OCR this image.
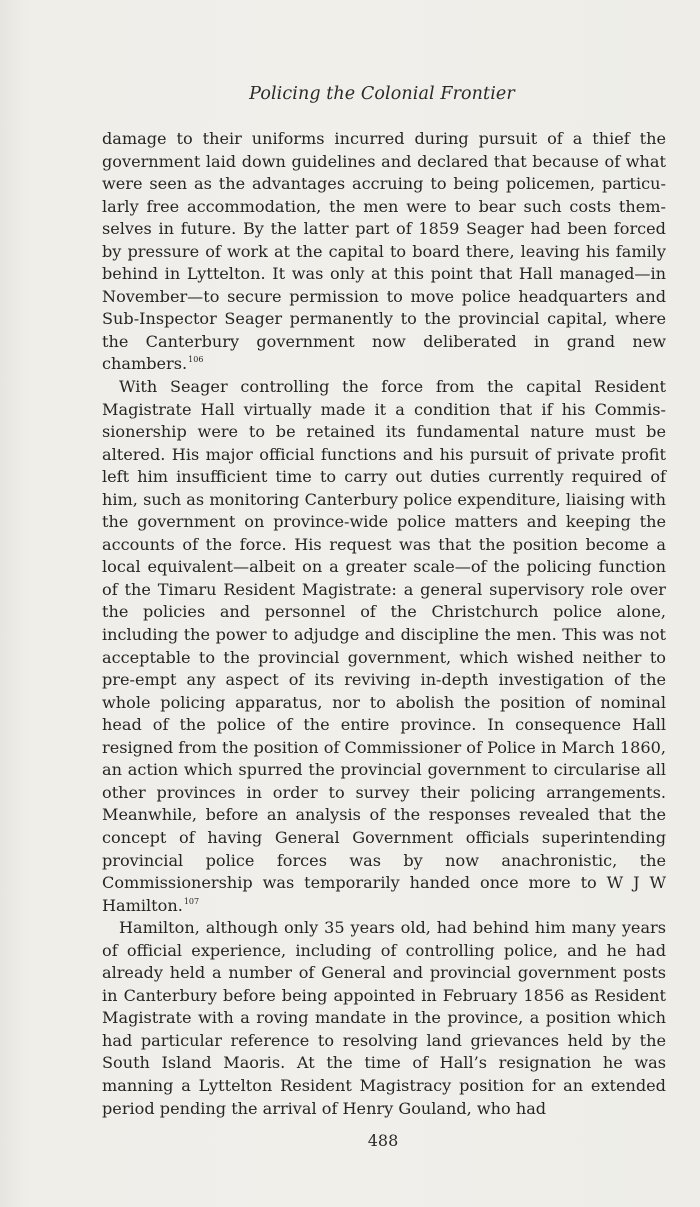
Policing the Colonial Frontier

damage to their uniforms incurred during pursuit of a thief the government laid down guidelines and declared that because of what were seen as the advantages accruing to being policemen, particularly free accommodation, the men were to bear such costs themselves in future. By the latter part of 1859 Seager had been forced by pressure of work at the capital to board there, leaving his family behind in Lyttelton. It was only at this point that Hall managed—in November—to secure permission to move police headquarters and Sub-Inspector Seager permanently to the provincial capital, where the Canterbury government now deliberated in grand new chambers.$^{106}$

With Seager controlling the force from the capital Resident Magistrate Hall virtually made it a condition that if his Commissionership were to be retained its fundamental nature must be altered. His major official functions and his pursuit of private profit left him insufficient time to carry out duties currently required of him, such as monitoring Canterbury police expenditure, liaising with the government on province-wide police matters and keeping the accounts of the force. His request was that the position become a local equivalent—albeit on a greater scale—of the policing function of the Timaru Resident Magistrate: a general supervisory role over the policies and personnel of the Christchurch police alone, including the power to adjudge and discipline the men. This was not acceptable to the provincial government, which wished neither to pre-empt any aspect of its reviving in-depth investigation of the whole policing apparatus, nor to abolish the position of nominal head of the police of the entire province. In consequence Hall resigned from the position of Commissioner of Police in March 1860, an action which spurred the provincial government to circularise all other provinces in order to survey their policing arrangements. Meanwhile, before an analysis of the responses revealed that the concept of having General Government officials superintending provincial police forces was by now anachronistic, the Commissionership was temporarily handed once more to W J W Hamilton.$^{107}$

Hamilton, although only 35 years old, had behind him many years of official experience, including of controlling police, and he had already held a number of General and provincial government posts in Canterbury before being appointed in February 1856 as Resident Magistrate with a roving mandate in the province, a position which had particular reference to resolving land grievances held by the South Island Maoris. At the time of Hall’s resignation he was manning a Lyttelton Resident Magistracy position for an extended period pending the arrival of Henry Gouland, who had

488
